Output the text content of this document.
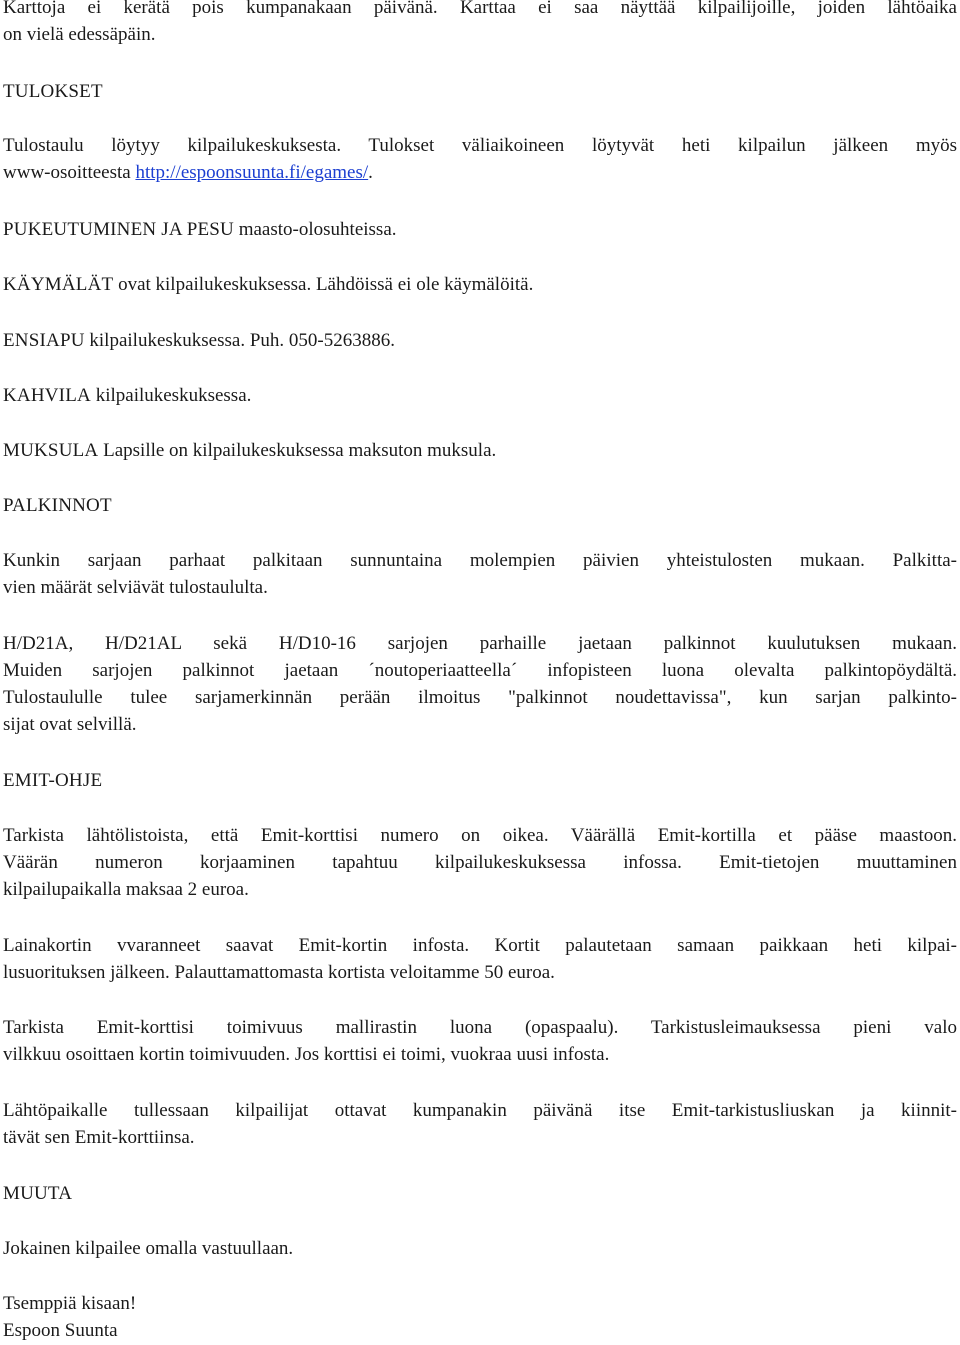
Karttoja ei kerätä pois kumpanakaan päivänä. Karttaa ei saa näyttää kilpailijoille, joiden lähtöaika

on vielä edessäpäin.

TULOKSET

Tulostaulu löytyy kilpailukeskuksesta. Tulokset väliaikoineen löytyvät heti kilpailun jälkeen myös

www-osoitteesta http://espoonsuunta.fi/egames/.

PUKEUTUMINEN JA PESU maasto-olosuhteissa.

KÄYMÄLÄT ovat kilpailukeskuksessa. Lähdöissä ei ole käymälöitä.

ENSIAPU kilpailukeskuksessa. Puh. 050-5263886.

KAHVILA kilpailukeskuksessa.

MUKSULA Lapsille on kilpailukeskuksessa maksuton muksula.

PALKINNOT

Kunkin sarjaan parhaat palkitaan sunnuntaina molempien päivien yhteistulosten mukaan. Palkitta-

vien määrät selviävät tulostaululta.

H/D21A, H/D21AL sekä H/D10-16 sarjojen parhaille jaetaan palkinnot kuulutuksen mukaan.

Muiden sarjojen palkinnot jaetaan ´noutoperiaatteella´ infopisteen luona olevalta palkintopöydältä.

Tulostaululle tulee sarjamerkinnän perään ilmoitus "palkinnot noudettavissa", kun sarjan palkinto-

sijat ovat selvillä.

EMIT-OHJE

Tarkista lähtölistoista, että Emit-korttisi numero on oikea. Väärällä Emit-kortilla et pääse maastoon.

Väärän numeron korjaaminen tapahtuu kilpailukeskuksessa infossa. Emit-tietojen muuttaminen

kilpailupaikalla maksaa 2 euroa.

Lainakortin vvaranneet saavat Emit-kortin infosta. Kortit palautetaan samaan paikkaan heti kilpai-

lusuorituksen jälkeen. Palauttamattomasta kortista veloitamme 50 euroa.

Tarkista Emit-korttisi toimivuus mallirastin luona (opaspaalu). Tarkistusleimauksessa pieni valo

vilkkuu osoittaen kortin toimivuuden. Jos korttisi ei toimi, vuokraa uusi infosta.

Lähtöpaikalle tullessaan kilpailijat ottavat kumpanakin päivänä itse Emit-tarkistusliuskan ja kiinnit-

tävät sen Emit-korttiinsa.

MUUTA

Jokainen kilpailee omalla vastuullaan.

Tsemppiä kisaan!

Espoon Suunta
